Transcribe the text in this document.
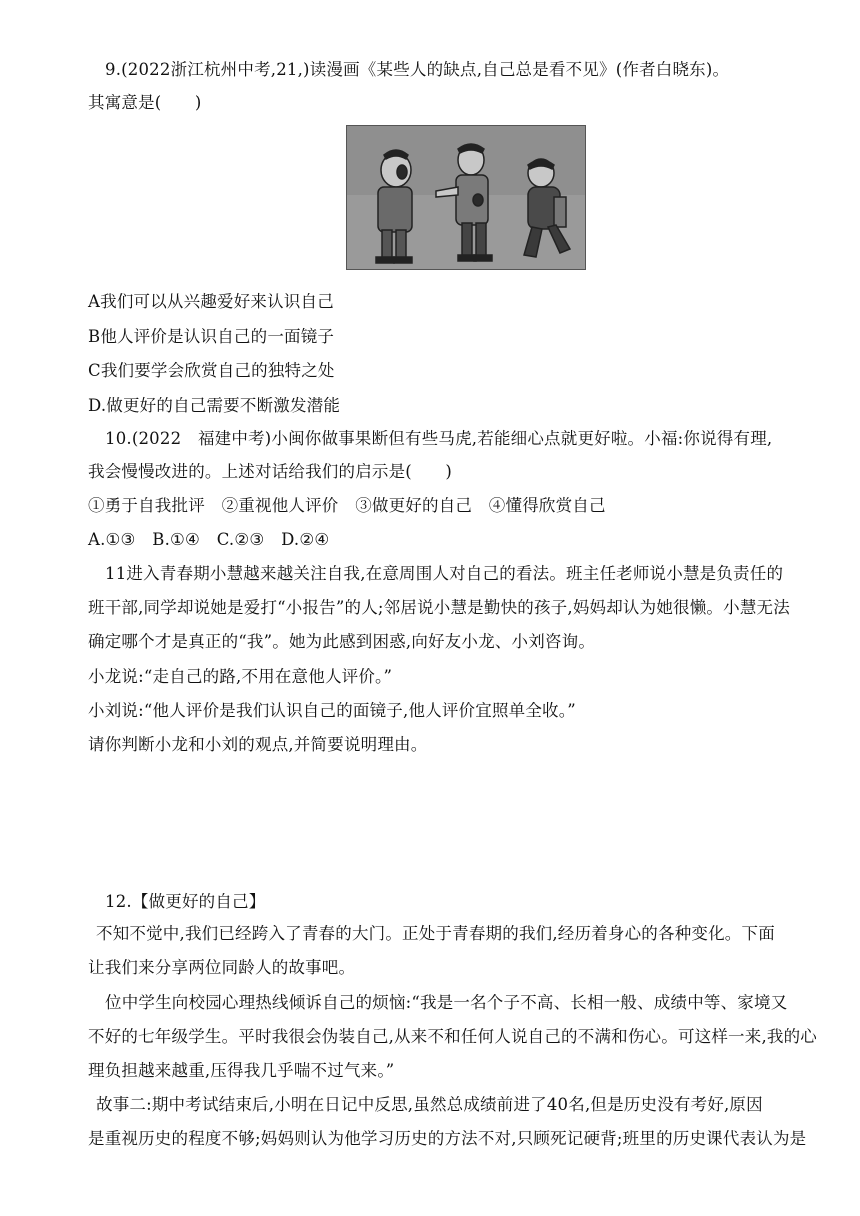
9.(2022浙江杭州中考,21,)读漫画《某些人的缺点,自己总是看不见》(作者白晓东)。
其寓意是(　　)
A我们可以从兴趣爱好来认识自己
B他人评价是认识自己的一面镜子
C我们要学会欣赏自己的独特之处
D.做更好的自己需要不断激发潜能
10.(2022　福建中考)小闽你做事果断但有些马虎,若能细心点就更好啦。小福:你说得有理,
我会慢慢改进的。上述对话给我们的启示是(　　)
①勇于自我批评　②重视他人评价　③做更好的自己　④懂得欣赏自己
A.①③　B.①④　C.②③　D.②④
11进入青春期小慧越来越关注自我,在意周围人对自己的看法。班主任老师说小慧是负责任的
班干部,同学却说她是爱打“小报告”的人;邻居说小慧是勤快的孩子,妈妈却认为她很懒。小慧无法
确定哪个才是真正的“我”。她为此感到困惑,向好友小龙、小刘咨询。
小龙说:“走自己的路,不用在意他人评价。”
小刘说:“他人评价是我们认识自己的面镜子,他人评价宜照单全收。”
请你判断小龙和小刘的观点,并简要说明理由。
12.【做更好的自己】
不知不觉中,我们已经跨入了青春的大门。正处于青春期的我们,经历着身心的各种变化。下面
让我们来分享两位同龄人的故事吧。
位中学生向校园心理热线倾诉自己的烦恼:“我是一名个子不高、长相一般、成绩中等、家境又
不好的七年级学生。平时我很会伪装自己,从来不和任何人说自己的不满和伤心。可这样一来,我的心
理负担越来越重,压得我几乎喘不过气来。”
故事二:期中考试结束后,小明在日记中反思,虽然总成绩前进了40名,但是历史没有考好,原因
是重视历史的程度不够;妈妈则认为他学习历史的方法不对,只顾死记硬背;班里的历史课代表认为是
